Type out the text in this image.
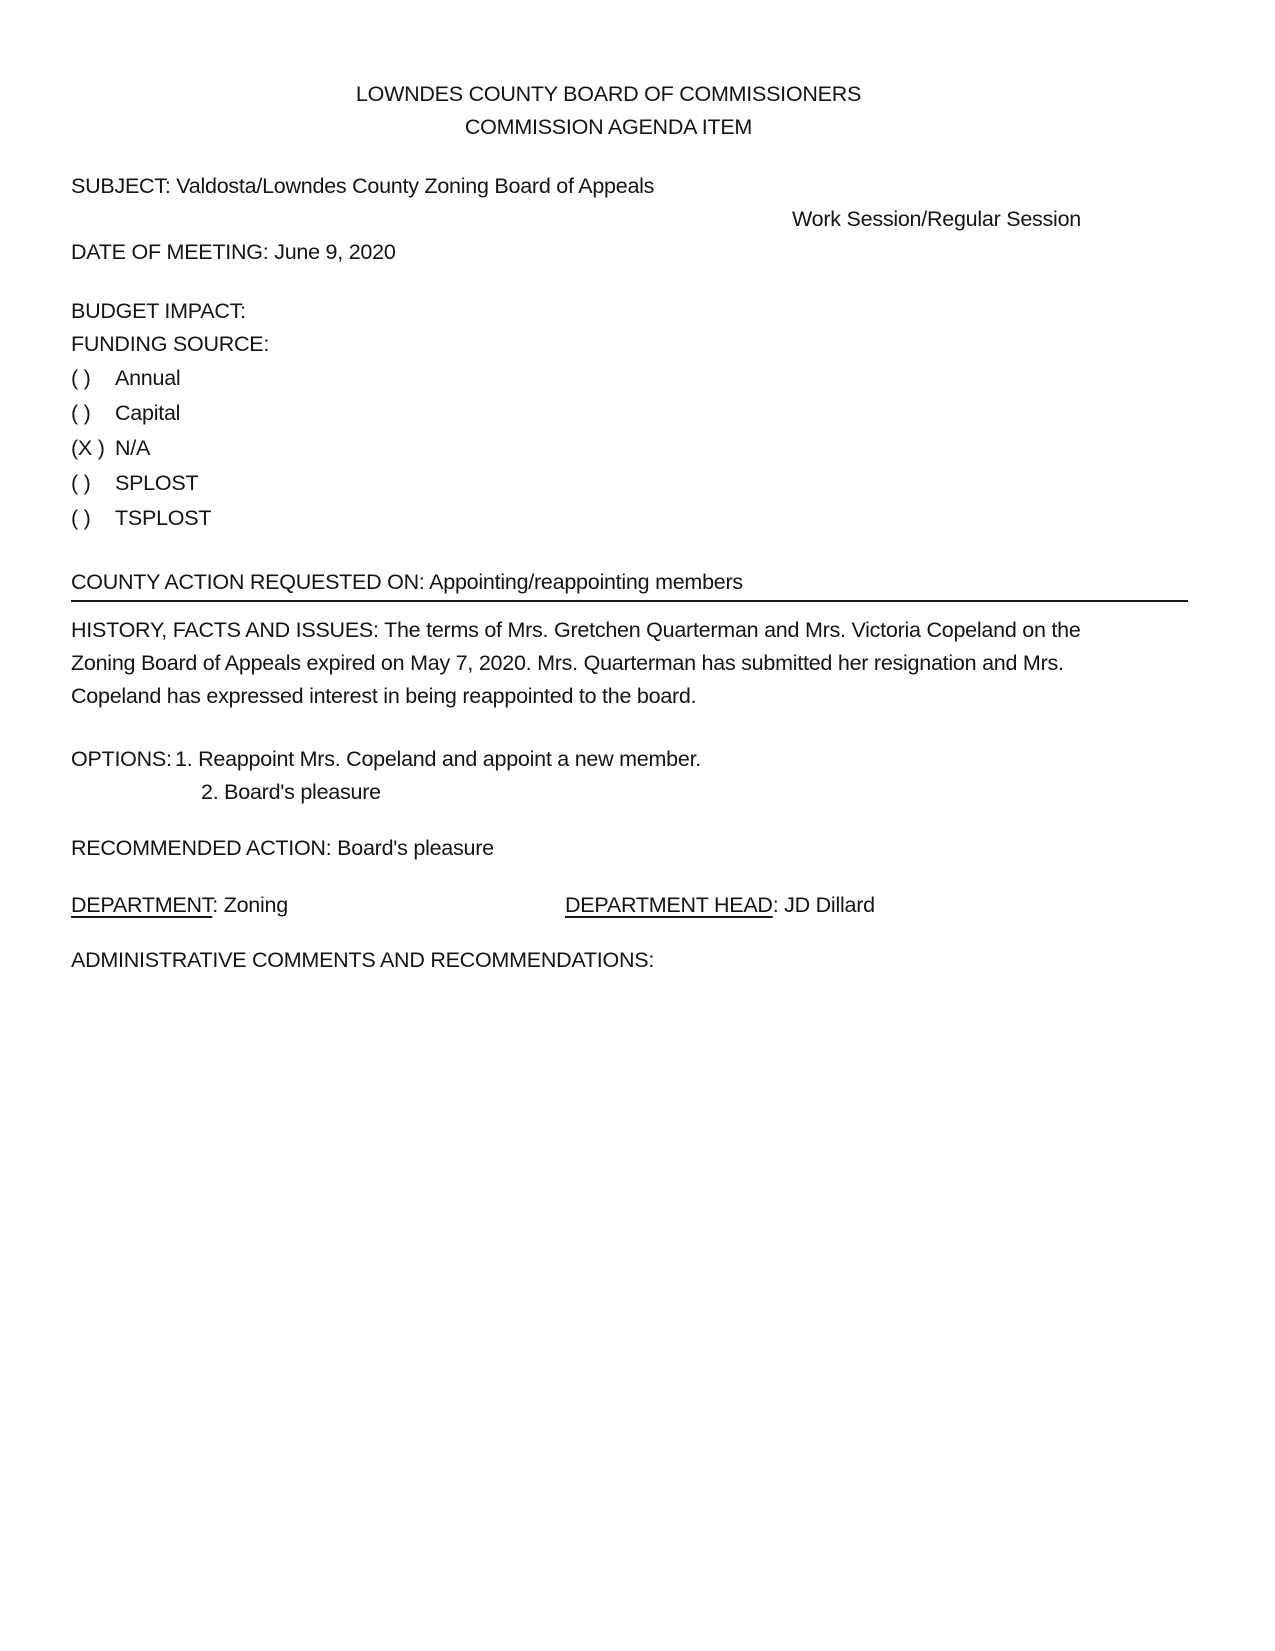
LOWNDES COUNTY BOARD OF COMMISSIONERS
COMMISSION AGENDA ITEM
SUBJECT: Valdosta/Lowndes County Zoning Board of Appeals
Work Session/Regular Session
DATE OF MEETING: June 9, 2020
BUDGET IMPACT:
FUNDING SOURCE:
( )	Annual
( )	Capital
(X ) N/A
( )	SPLOST
( )	TSPLOST
COUNTY ACTION REQUESTED ON: Appointing/reappointing members
HISTORY, FACTS AND ISSUES: The terms of Mrs. Gretchen Quarterman and Mrs. Victoria Copeland on the Zoning Board of Appeals expired on May 7, 2020. Mrs. Quarterman has submitted her resignation and Mrs. Copeland has expressed interest in being reappointed to the board.
OPTIONS: 1. Reappoint Mrs. Copeland and appoint a new member.
2. Board's pleasure
RECOMMENDED ACTION: Board's pleasure
DEPARTMENT: Zoning	DEPARTMENT HEAD: JD Dillard
ADMINISTRATIVE COMMENTS AND RECOMMENDATIONS:
